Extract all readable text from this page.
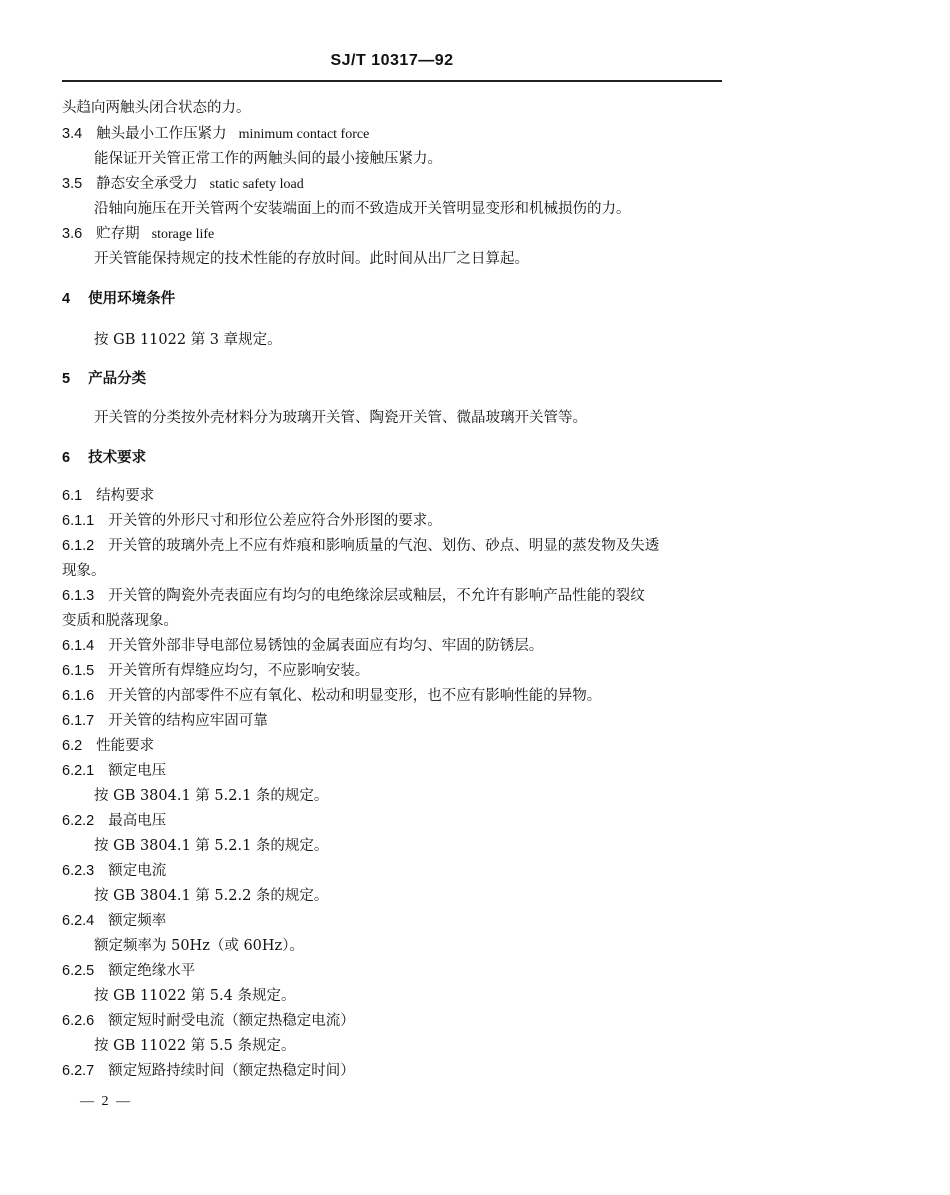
SJ/T 10317—92
头趋向两触头闭合状态的力。
3.4 触头最小工作压紧力 minimum contact force
能保证开关管正常工作的两触头间的最小接触压紧力。
3.5 静态安全承受力 static safety load
沿轴向施压在开关管两个安装端面上的而不致造成开关管明显变形和机械损伤的力。
3.6 贮存期 storage life
开关管能保持规定的技术性能的存放时间。此时间从出厂之日算起。
4 使用环境条件
按 GB 11022 第 3 章规定。
5 产品分类
开关管的分类按外壳材料分为玻璃开关管、陶瓷开关管、微晶玻璃开关管等。
6 技术要求
6.1 结构要求
6.1.1 开关管的外形尺寸和形位公差应符合外形图的要求。
6.1.2 开关管的玻璃外壳上不应有炸痕和影响质量的气泡、划伤、砂点、明显的蒸发物及失透
现象。
6.1.3 开关管的陶瓷外壳表面应有均匀的电绝缘涂层或釉层，不允许有影响产品性能的裂纹
变质和脱落现象。
6.1.4 开关管外部非导电部位易锈蚀的金属表面应有均匀、牢固的防锈层。
6.1.5 开关管所有焊缝应均匀，不应影响安装。
6.1.6 开关管的内部零件不应有氧化、松动和明显变形，也不应有影响性能的异物。
6.1.7 开关管的结构应牢固可靠
6.2 性能要求
6.2.1 额定电压
按 GB 3804.1 第 5.2.1 条的规定。
6.2.2 最高电压
按 GB 3804.1 第 5.2.1 条的规定。
6.2.3 额定电流
按 GB 3804.1 第 5.2.2 条的规定。
6.2.4 额定频率
额定频率为 50Hz（或 60Hz）。
6.2.5 额定绝缘水平
按 GB 11022 第 5.4 条规定。
6.2.6 额定短时耐受电流（额定热稳定电流）
按 GB 11022 第 5.5 条规定。
6.2.7 额定短路持续时间（额定热稳定时间）
— 2 —
